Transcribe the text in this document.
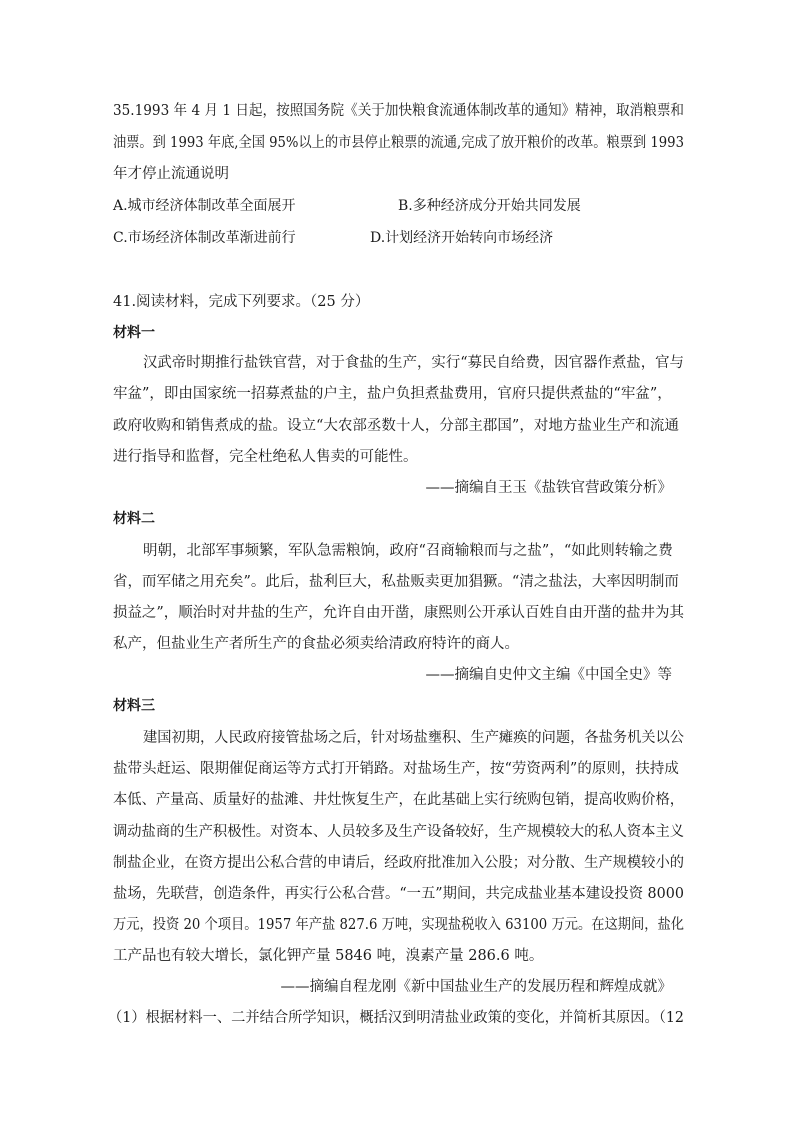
35.1993 年 4 月 1 日起，按照国务院《关于加快粮食流通体制改革的通知》精神，取消粮票和
油票。到 1993 年底,全国 95%以上的市县停止粮票的流通,完成了放开粮价的改革。粮票到 1993
年才停止流通说明
A.城市经济体制改革全面展开	B.多种经济成分开始共同发展
C.市场经济体制改革渐进前行	D.计划经济开始转向市场经济
41.阅读材料，完成下列要求。（25 分）
材料一
汉武帝时期推行盐铁官营，对于食盐的生产，实行“募民自给费，因官器作煮盐，官与
牢盆”，即由国家统一招募煮盐的户主，盐户负担煮盐费用，官府只提供煮盐的“牢盆”，
政府收购和销售煮成的盐。设立“大农部丞数十人，分部主郡国”，对地方盐业生产和流通
进行指导和监督，完全杜绝私人售卖的可能性。
——摘编自王玉《盐铁官营政策分析》
材料二
明朝，北部军事频繁，军队急需粮饷，政府“召商输粮而与之盐”，“如此则转输之费
省，而军储之用充矣”。此后，盐利巨大，私盐贩卖更加猖獗。“清之盐法，大率因明制而
损益之”，顺治时对井盐的生产，允许自由开凿，康熙则公开承认百姓自由开凿的盐井为其
私产，但盐业生产者所生产的食盐必须卖给清政府特许的商人。
——摘编自史仲文主编《中国全史》等
材料三
建国初期，人民政府接管盐场之后，针对场盐壅积、生产瘫痪的问题，各盐务机关以公
盐带头赶运、限期催促商运等方式打开销路。对盐场生产，按“劳资两利”的原则，扶持成
本低、产量高、质量好的盐滩、井灶恢复生产，在此基础上实行统购包销，提高收购价格，
调动盐商的生产积极性。对资本、人员较多及生产设备较好，生产规模较大的私人资本主义
制盐企业，在资方提出公私合营的申请后，经政府批准加入公股；对分散、生产规模较小的
盐场，先联营，创造条件，再实行公私合营。“一五”期间，共完成盐业基本建设投资 8000
万元，投资 20 个项目。1957 年产盐 827.6 万吨，实现盐税收入 63100 万元。在这期间，盐化
工产品也有较大增长，氯化钾产量 5846 吨，溴素产量 286.6 吨。
——摘编自程龙刚《新中国盐业生产的发展历程和辉煌成就》
（1）根据材料一、二并结合所学知识，概括汉到明清盐业政策的变化，并简析其原因。（12
